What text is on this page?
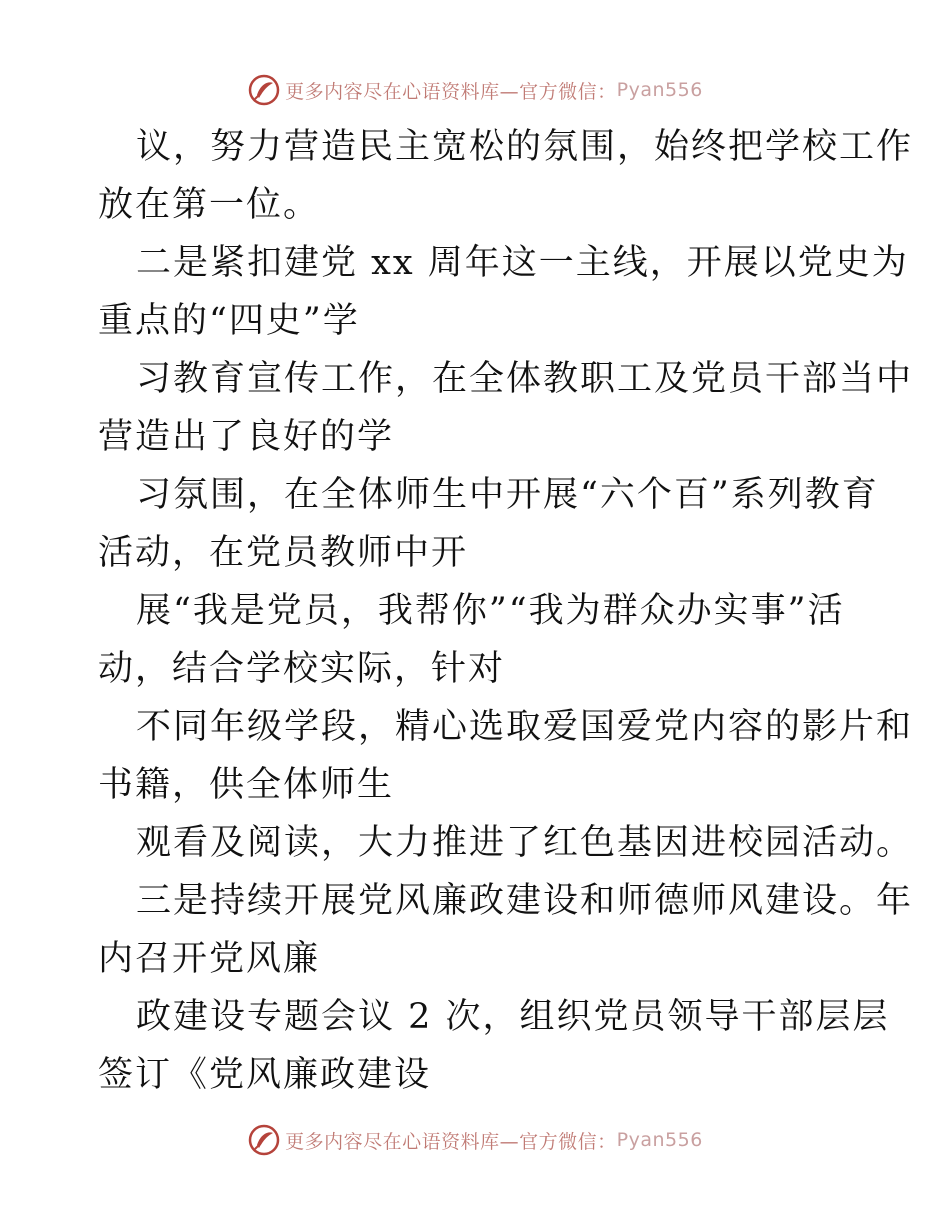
更多内容尽在心语资料库—官方微信： Pyan556
议，努力营造民主宽松的氛围，始终把学校工作
放在第一位。
二是紧扣建党 xx 周年这一主线，开展以党史为
重点的“四史”学
习教育宣传工作，在全体教职工及党员干部当中
营造出了良好的学
习氛围，在全体师生中开展“六个百”系列教育
活动，在党员教师中开
展“我是党员，我帮你”“我为群众办实事”活
动，结合学校实际，针对
不同年级学段，精心选取爱国爱党内容的影片和
书籍，供全体师生
观看及阅读，大力推进了红色基因进校园活动。
三是持续开展党风廉政建设和师德师风建设。年
内召开党风廉
政建设专题会议 2 次，组织党员领导干部层层
签订《党风廉政建设
更多内容尽在心语资料库—官方微信： Pyan556
